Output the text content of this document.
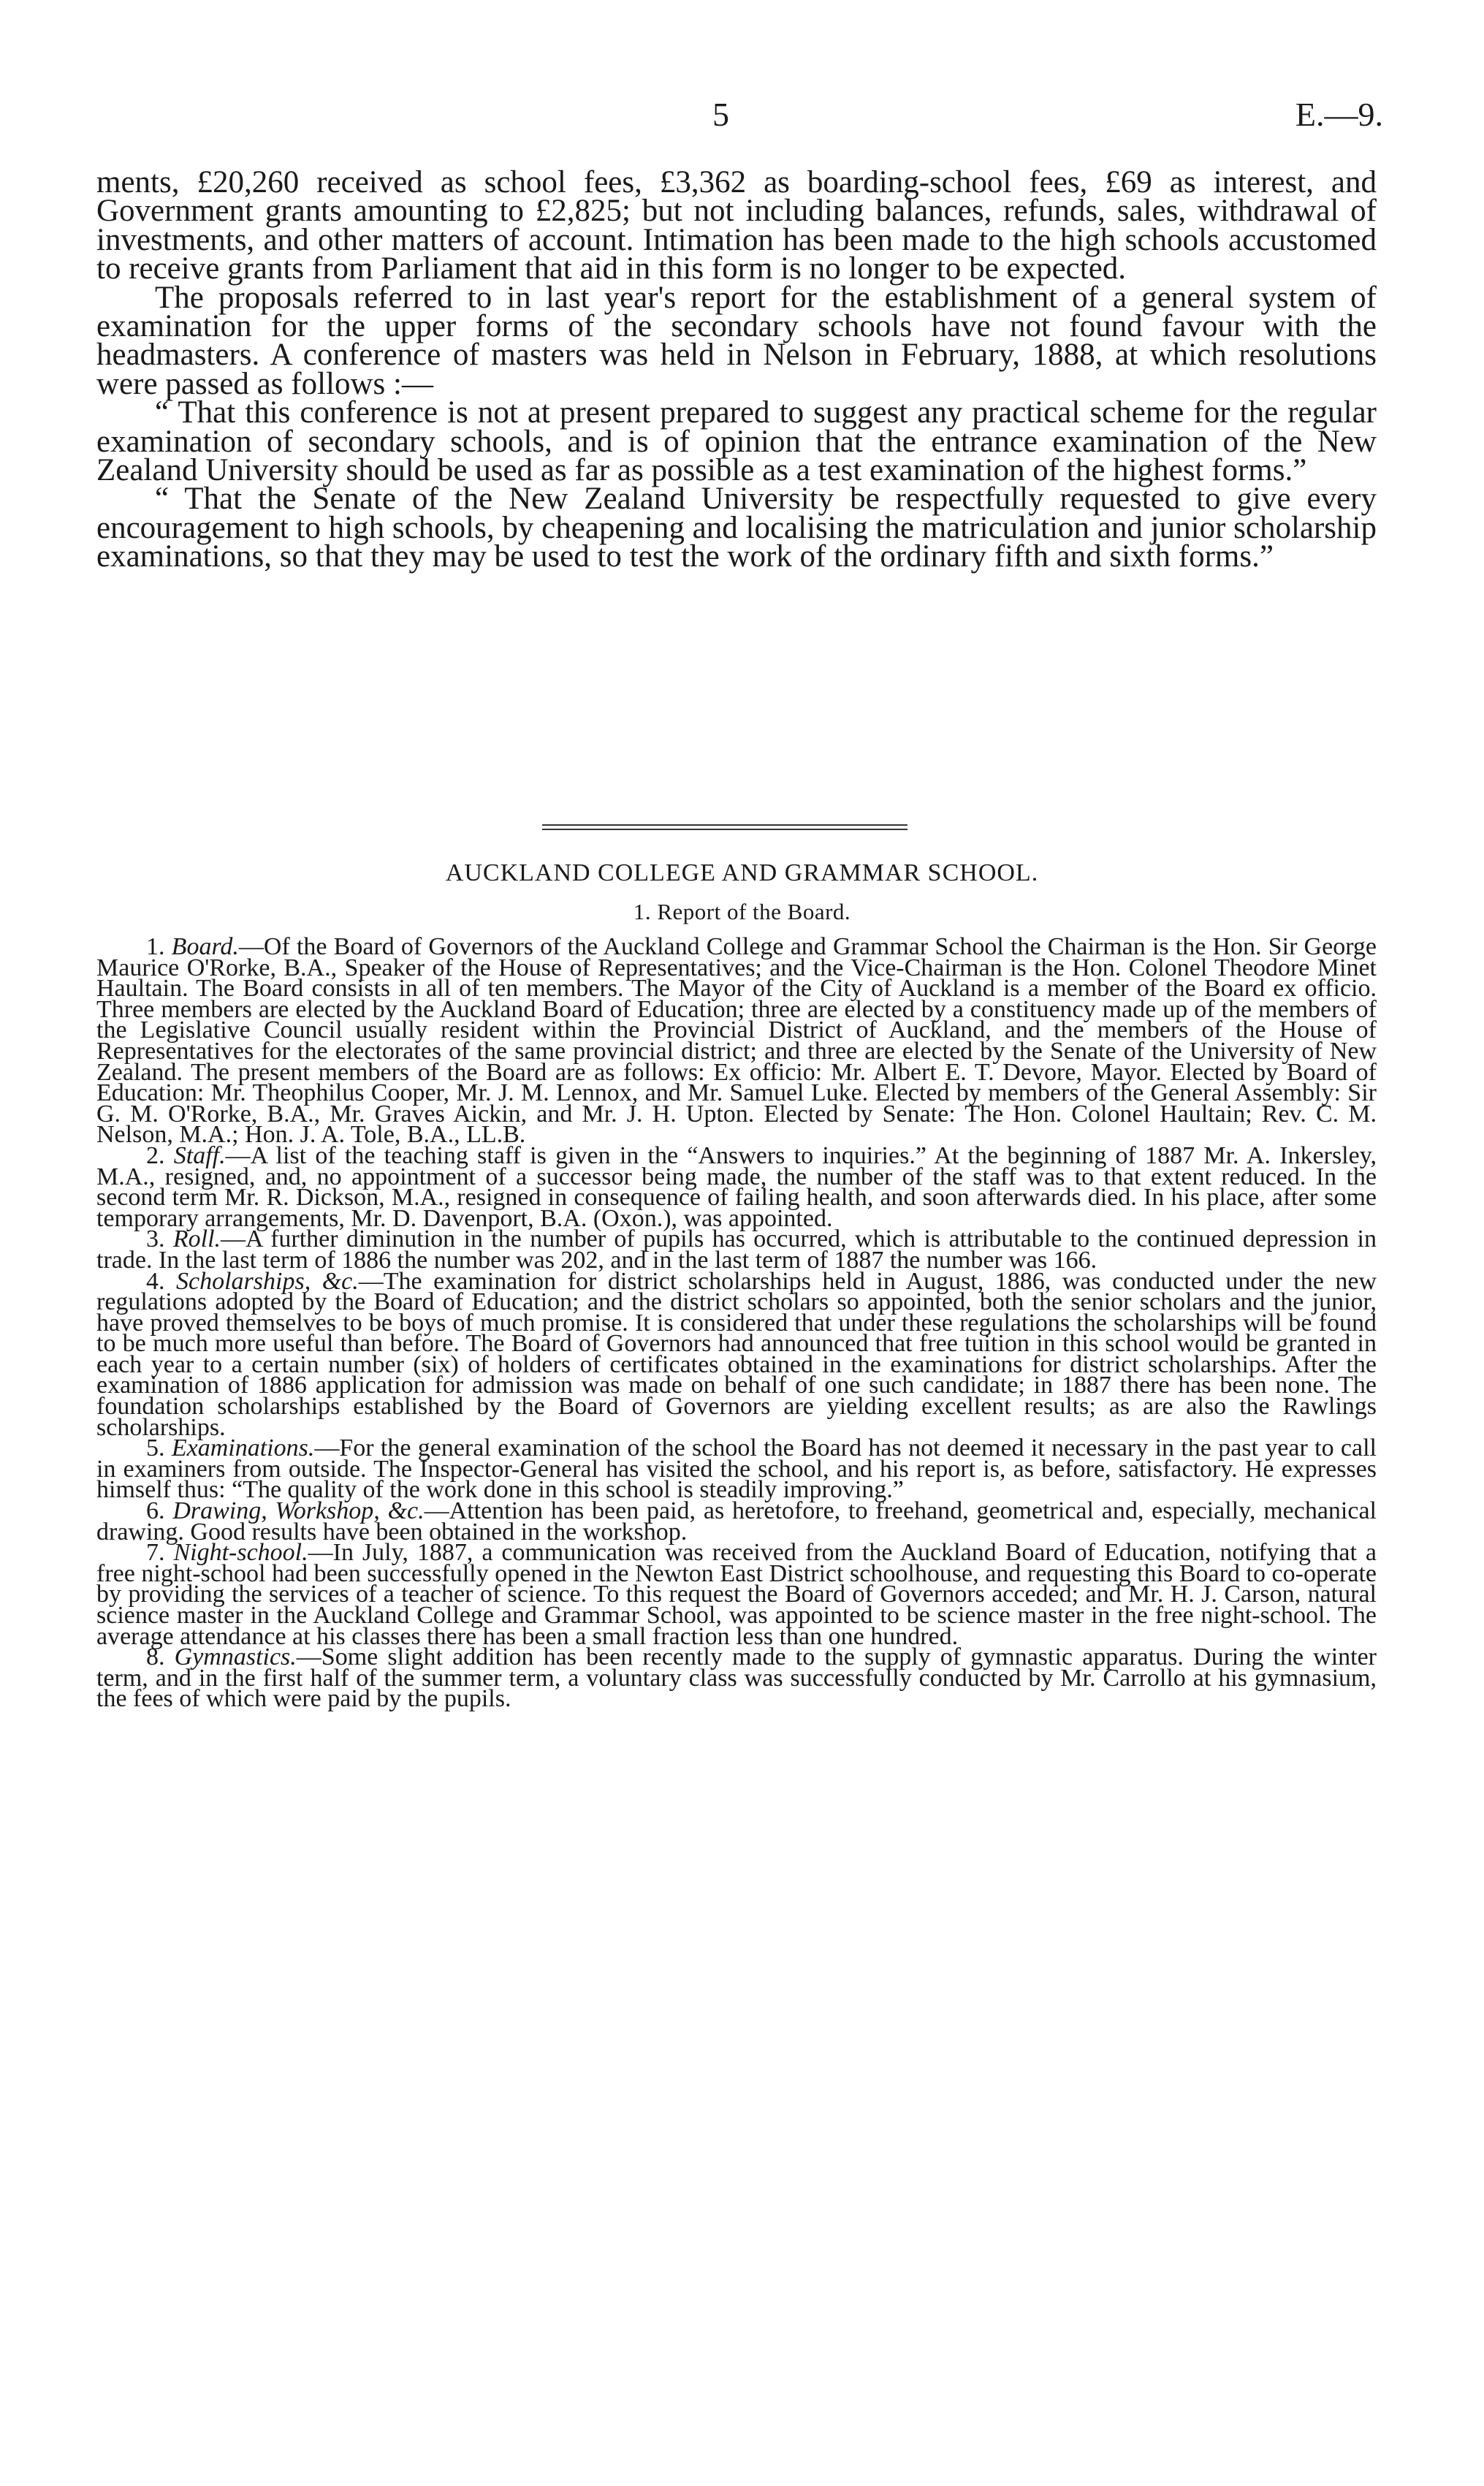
5	E.—9.

ments, £20,260 received as school fees, £3,362 as boarding-school fees, £69 as interest, and Government grants amounting to £2,825; but not including balances, refunds, sales, withdrawal of investments, and other matters of account. Intimation has been made to the high schools accustomed to receive grants from Parliament that aid in this form is no longer to be expected.

The proposals referred to in last year's report for the establishment of a general system of examination for the upper forms of the secondary schools have not found favour with the headmasters. A conference of masters was held in Nelson in February, 1888, at which resolutions were passed as follows :—

“ That this conference is not at present prepared to suggest any practical scheme for the regular examination of secondary schools, and is of opinion that the entrance examination of the New Zealand University should be used as far as possible as a test examination of the highest forms.”

“ That the Senate of the New Zealand University be respectfully requested to give every encouragement to high schools, by cheapening and localising the matriculation and junior scholarship examinations, so that they may be used to test the work of the ordinary fifth and sixth forms.”

AUCKLAND COLLEGE AND GRAMMAR SCHOOL.
1. Report of the Board.

1. Board.—Of the Board of Governors of the Auckland College and Grammar School the Chairman is the Hon. Sir George Maurice O'Rorke, B.A., Speaker of the House of Representatives; and the Vice-Chairman is the Hon. Colonel Theodore Minet Haultain. The Board consists in all of ten members. The Mayor of the City of Auckland is a member of the Board ex officio. Three members are elected by the Auckland Board of Education; three are elected by a constituency made up of the members of the Legislative Council usually resident within the Provincial District of Auckland, and the members of the House of Representatives for the electorates of the same provincial district; and three are elected by the Senate of the University of New Zealand. The present members of the Board are as follows: Ex officio: Mr. Albert E. T. Devore, Mayor. Elected by Board of Education: Mr. Theophilus Cooper, Mr. J. M. Lennox, and Mr. Samuel Luke. Elected by members of the General Assembly: Sir G. M. O'Rorke, B.A., Mr. Graves Aickin, and Mr. J. H. Upton. Elected by Senate: The Hon. Colonel Haultain; Rev. C. M. Nelson, M.A.; Hon. J. A. Tole, B.A., LL.B.

2. Staff.—A list of the teaching staff is given in the “Answers to inquiries.” At the beginning of 1887 Mr. A. Inkersley, M.A., resigned, and, no appointment of a successor being made, the number of the staff was to that extent reduced. In the second term Mr. R. Dickson, M.A., resigned in consequence of failing health, and soon afterwards died. In his place, after some temporary arrangements, Mr. D. Davenport, B.A. (Oxon.), was appointed.

3. Roll.—A further diminution in the number of pupils has occurred, which is attributable to the continued depression in trade. In the last term of 1886 the number was 202, and in the last term of 1887 the number was 166.

4. Scholarships, &c.—The examination for district scholarships held in August, 1886, was conducted under the new regulations adopted by the Board of Education; and the district scholars so appointed, both the senior scholars and the junior, have proved themselves to be boys of much promise. It is considered that under these regulations the scholarships will be found to be much more useful than before. The Board of Governors had announced that free tuition in this school would be granted in each year to a certain number (six) of holders of certificates obtained in the examinations for district scholarships. After the examination of 1886 application for admission was made on behalf of one such candidate; in 1887 there has been none. The foundation scholarships established by the Board of Governors are yielding excellent results; as are also the Rawlings scholarships.

5. Examinations.—For the general examination of the school the Board has not deemed it necessary in the past year to call in examiners from outside. The Inspector-General has visited the school, and his report is, as before, satisfactory. He expresses himself thus: “The quality of the work done in this school is steadily improving.”

6. Drawing, Workshop, &c.—Attention has been paid, as heretofore, to freehand, geometrical and, especially, mechanical drawing. Good results have been obtained in the workshop.

7. Night-school.—In July, 1887, a communication was received from the Auckland Board of Education, notifying that a free night-school had been successfully opened in the Newton East District schoolhouse, and requesting this Board to co-operate by providing the services of a teacher of science. To this request the Board of Governors acceded; and Mr. H. J. Carson, natural science master in the Auckland College and Grammar School, was appointed to be science master in the free night-school. The average attendance at his classes there has been a small fraction less than one hundred.

8. Gymnastics.—Some slight addition has been recently made to the supply of gymnastic apparatus. During the winter term, and in the first half of the summer term, a voluntary class was successfully conducted by Mr. Carrollo at his gymnasium, the fees of which were paid by the pupils.
